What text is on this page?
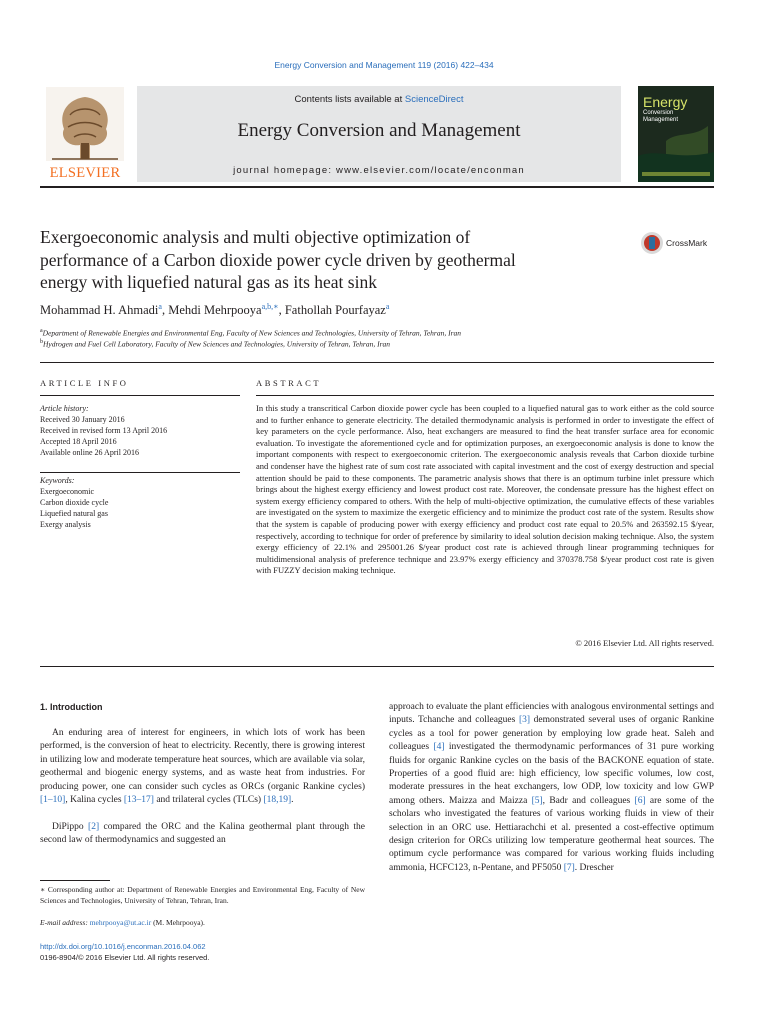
Energy Conversion and Management 119 (2016) 422–434
ELSEVIER
Contents lists available at ScienceDirect
Energy Conversion and Management
journal homepage: www.elsevier.com/locate/enconman
Energy
Conversion
Management
Exergoeconomic analysis and multi objective optimization of
performance of a Carbon dioxide power cycle driven by geothermal
energy with liquefied natural gas as its heat sink
CrossMark
Mohammad H. Ahmadi$^a$, Mehdi Mehrpooya$^{a,b,∗}$, Fathollah Pourfayaz$^a$
$^a$Department of Renewable Energies and Environmental Eng, Faculty of New Sciences and Technologies, University of Tehran, Tehran, Iran
$^b$Hydrogen and Fuel Cell Laboratory, Faculty of New Sciences and Technologies, University of Tehran, Tehran, Iran
ARTICLE INFO	ABSTRACT
Article history:
Received 30 January 2016
Received in revised form 13 April 2016
Accepted 18 April 2016
Available online 26 April 2016
Keywords:
Exergoeconomic
Carbon dioxide cycle
Liquefied natural gas
Exergy analysis
In this study a transcritical Carbon dioxide power cycle has been coupled to a liquefied natural gas to work either as the cold source and to further enhance to generate electricity. The detailed thermodynamic analysis is performed in order to investigate the effect of key parameters on the cycle performance. Also, heat exchangers are measured to find the heat transfer surface area for economic evaluation. To investigate the aforementioned cycle and for optimization purposes, an exergoeconomic analysis is done to know the important components with respect to exergoeconomic criterion. The exergoeconomic analysis reveals that Carbon dioxide turbine and condenser have the highest rate of sum cost rate associated with capital investment and the cost of exergy destruction and special attention should be paid to these components. The parametric analysis shows that there is an optimum turbine inlet pressure which brings about the highest exergy efficiency and lowest product cost rate. Moreover, the condensate pressure has the highest effect on system exergy efficiency compared to others. With the help of multi-objective optimization, the cumulative effects of these variables are investigated on the system to maximize the exergetic efficiency and to minimize the product cost rate of the system. Results show that the system is capable of producing power with exergy efficiency and product cost rate equal to 20.5% and 263592.15 $/year, respectively, according to technique for order of preference by similarity to ideal solution decision making technique. Also, the system exergy efficiency of 22.1% and 295001.26 $/year product cost rate is achieved through linear programming techniques for multidimensional analysis of preference technique and 23.97% exergy efficiency and 370378.758 $/year product cost rate is given with FUZZY decision making technique.
© 2016 Elsevier Ltd. All rights reserved.
1. Introduction
An enduring area of interest for engineers, in which lots of work has been performed, is the conversion of heat to electricity. Recently, there is growing interest in utilizing low and moderate temperature heat sources, which are available via solar, geothermal and biogenic energy systems, and as waste heat from industries. For producing power, one can consider such cycles as ORCs (organic Rankine cycles) [1–10], Kalina cycles [13–17] and trilateral cycles (TLCs) [18,19].
DiPippo [2] compared the ORC and the Kalina geothermal plant through the second law of thermodynamics and suggested an
approach to evaluate the plant efficiencies with analogous environmental settings and inputs. Tchanche and colleagues [3] demonstrated several uses of organic Rankine cycles as a tool for power generation by employing low grade heat. Saleh and colleagues [4] investigated the thermodynamic performances of 31 pure working fluids for organic Rankine cycles on the basis of the BACKONE equation of state. Properties of a good fluid are: high efficiency, low specific volumes, low cost, moderate pressures in the heat exchangers, low ODP, low toxicity and low GWP among others. Maizza and Maizza [5], Badr and colleagues [6] are some of the scholars who investigated the features of various working fluids in view of their selection in an ORC use. Hettiarachchi et al. presented a cost-effective optimum design criterion for ORCs utilizing low temperature geothermal heat sources. The optimum cycle performance was compared for various working fluids including ammonia, HCFC123, n-Pentane, and PF5050 [7]. Drescher
∗ Corresponding author at: Department of Renewable Energies and Environmental Eng, Faculty of New Sciences and Technologies, University of Tehran, Tehran, Iran.
E-mail address: mehrpooya@ut.ac.ir (M. Mehrpooya).
http://dx.doi.org/10.1016/j.enconman.2016.04.062
0196-8904/© 2016 Elsevier Ltd. All rights reserved.
